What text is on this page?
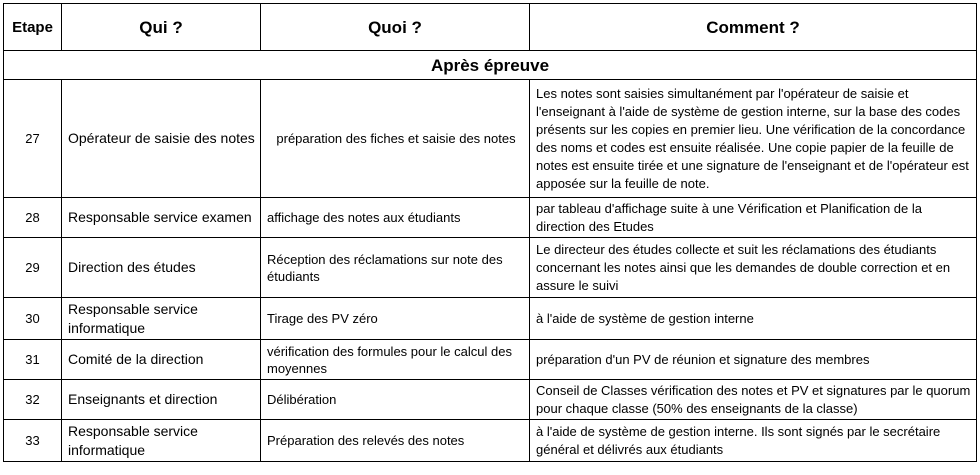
Etape	Qui ?	Quoi ?	Comment ?
Après épreuve			
27	Opérateur de saisie des notes	préparation des fiches et saisie des notes	Les notes sont saisies simultanément par l'opérateur de saisie et l'enseignant à l'aide de système de gestion interne, sur la base des codes présents sur les copies en premier lieu. Une vérification de la concordance des noms et codes est ensuite réalisée. Une copie papier de la feuille de notes est ensuite tirée et une signature de l'enseignant et de l'opérateur est apposée sur la feuille de note.
28	Responsable service examen	affichage des notes aux étudiants	par tableau d'affichage suite à une Vérification et Planification de la direction des Etudes
29	Direction des études	Réception des réclamations sur note des étudiants	Le directeur des études collecte et suit les réclamations des étudiants concernant les notes ainsi que les demandes de double correction et en assure le suivi
30	Responsable service informatique	Tirage des PV zéro	à l'aide de système de gestion interne
31	Comité de la direction	vérification des formules pour le calcul des moyennes	préparation d'un PV de réunion et signature des membres
32	Enseignants et direction	Délibération	Conseil de Classes vérification des notes et PV et signatures par le quorum pour chaque classe (50% des enseignants de la classe)
33	Responsable service informatique	Préparation des relevés des notes	à l'aide de système de gestion interne. Ils sont signés par le secrétaire général et délivrés aux étudiants
